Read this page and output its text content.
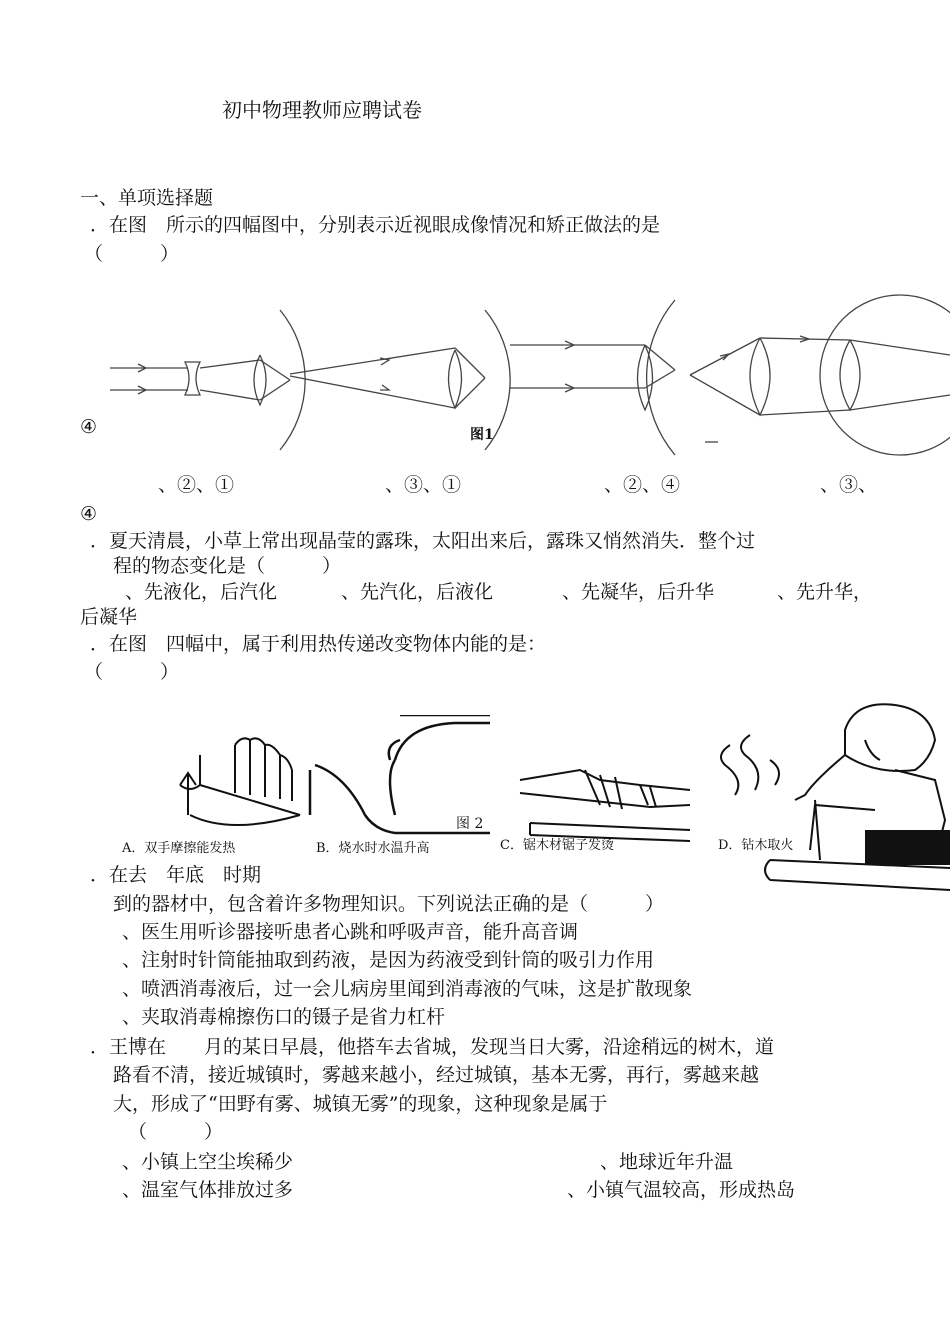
初中物理教师应聘试卷
一、单项选择题
．在图　所示的四幅图中，分别表示近视眼成像情况和矫正做法的是
（　　　）
④	图1
、②、①	、③、①	、②、④	、③、
④
．夏天清晨，小草上常出现晶莹的露珠，太阳出来后，露珠又悄然消失．整个过
程的物态变化是（　　　）
、先液化，后汽化	、先汽化，后液化	、先凝华，后升华	、先升华，
后凝华
．在图　四幅中，属于利用热传递改变物体内能的是：
（　　　）
图 2
A．双手摩擦能发热	B．烧水时水温升高	C．锯木材锯子发烫	D．钻木取火
．在去　年底　时期
到的器材中，包含着许多物理知识。下列说法正确的是（　　　）
、医生用听诊器接听患者心跳和呼吸声音，能升高音调
、注射时针筒能抽取到药液，是因为药液受到针筒的吸引力作用
、喷洒消毒液后，过一会儿病房里闻到消毒液的气味，这是扩散现象
、夹取消毒棉擦伤口的镊子是省力杠杆
．王博在　　月的某日早晨，他搭车去省城，发现当日大雾，沿途稍远的树木，道
路看不清，接近城镇时，雾越来越小，经过城镇，基本无雾，再行，雾越来越
大，形成了“田野有雾、城镇无雾”的现象，这种现象是属于
（　　　）
、小镇上空尘埃稀少	、地球近年升温
、温室气体排放过多	、小镇气温较高，形成热岛
